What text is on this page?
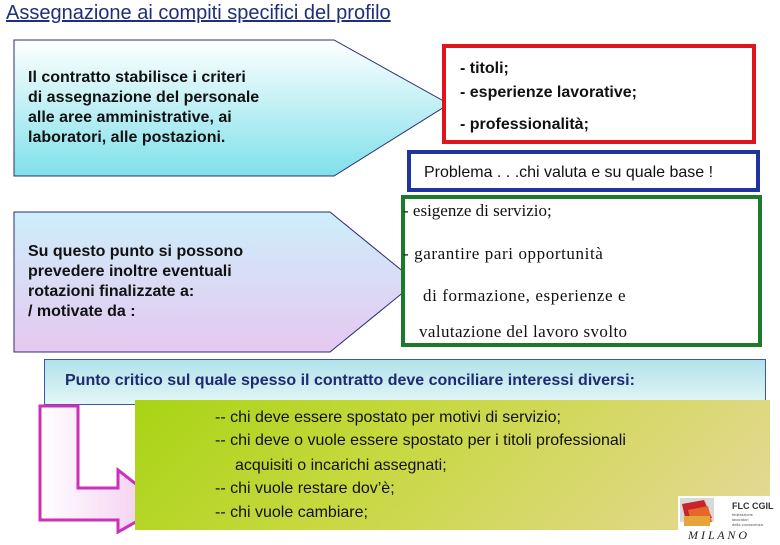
Assegnazione ai compiti specifici del profilo
Il contratto stabilisce i criteri
di assegnazione del personale
alle aree amministrative, ai
laboratori, alle postazioni.
- titoli;
- esperienze lavorative;
- professionalità;
Problema . . .chi valuta e su quale base !
Su questo punto si possono
prevedere inoltre eventuali
rotazioni finalizzate a:
/ motivate da :
- esigenze di servizio;
- garantire pari opportunità
di formazione, esperienze e
valutazione del lavoro svolto
Punto critico sul quale spesso il contratto deve conciliare interessi diversi:
-- chi deve essere spostato per motivi di servizio;
-- chi deve o vuole essere spostato per i titoli professionali
acquisiti o incarichi assegnati;
-- chi vuole restare dov’è;
-- chi vuole cambiare;	FLC CGIL
federazione
lavoratori
della conoscenza
M I L A N O
